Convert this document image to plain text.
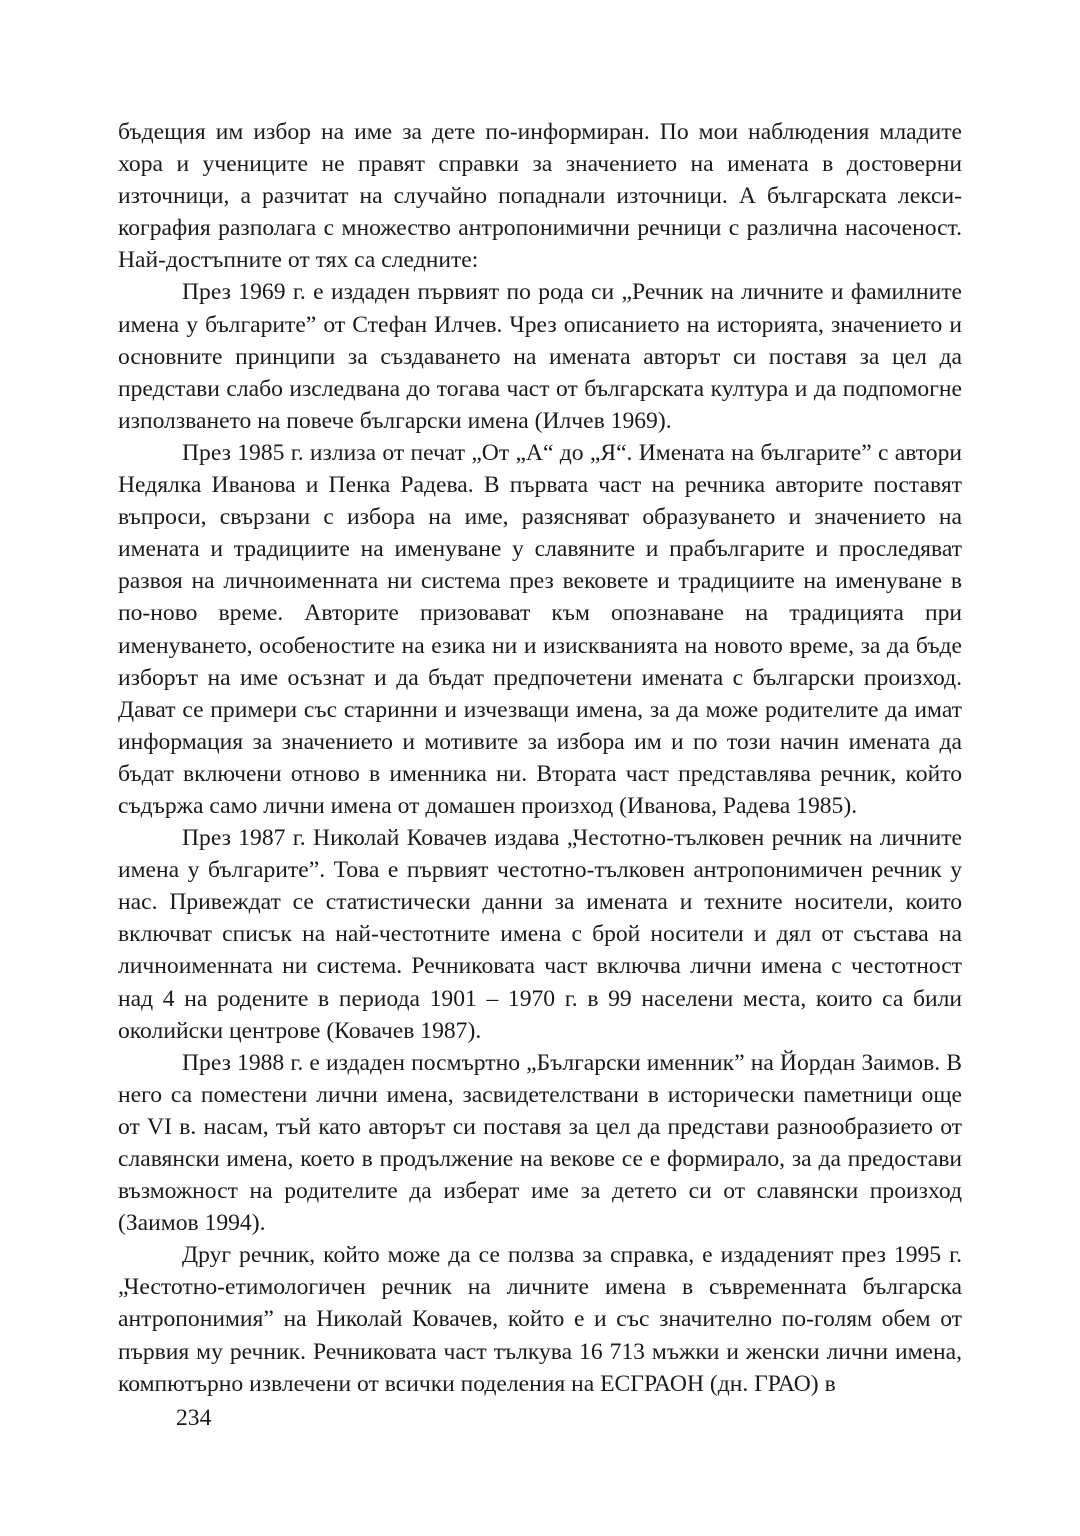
бъдещия им избор на име за дете по-информиран. По мои наблюдения младите хора и учениците не правят справки за значението на имената в достоверни източници, а разчитат на случайно попаднали източници. А българската лексикография разполага с множество антропонимични речници с различна насоченост. Най-достъпните от тях са следните:

През 1969 г. е издаден първият по рода си „Речник на личните и фамилните имена у българите” от Стефан Илчев. Чрез описанието на историята, значението и основните принципи за създаването на имената авторът си поставя за цел да представи слабо изследвана до тогава част от българската култура и да подпомогне използването на повече български имена (Илчев 1969).

През 1985 г. излиза от печат „От „А“ до „Я“. Имената на българите” с автори Недялка Иванова и Пенка Радева. В първата част на речника авторите поставят въпроси, свързани с избора на име, разясняват образуването и значението на имената и традициите на именуване у славяните и прабългарите и проследяват развоя на личноименната ни система през вековете и традициите на именуване в по-ново време. Авторите призовават към опознаване на традицията при именуването, особеностите на езика ни и изискванията на новото време, за да бъде изборът на име осъзнат и да бъдат предпочетени имената с български произход. Дават се примери със старинни и изчезващи имена, за да може родителите да имат информация за значението и мотивите за избора им и по този начин имената да бъдат включени отново в именника ни. Втората част представлява речник, който съдържа само лични имена от домашен произход (Иванова, Радева 1985).

През 1987 г. Николай Ковачев издава „Честотно-тълковен речник на личните имена у българите”. Това е първият честотно-тълковен антропонимичен речник у нас. Привеждат се статистически данни за имената и техните носители, които включват списък на най-честотните имена с брой носители и дял от състава на личноименната ни система. Речниковата част включва лични имена с честотност над 4 на родените в периода 1901 – 1970 г. в 99 населени места, които са били околийски центрове (Ковачев 1987).

През 1988 г. е издаден посмъртно „Български именник” на Йордан Заимов. В него са поместени лични имена, засвидетелствани в исторически паметници още от VI в. насам, тъй като авторът си поставя за цел да представи разнообразието от славянски имена, което в продължение на векове се е формирало, за да предостави възможност на родителите да изберат име за детето си от славянски произход (Заимов 1994).

Друг речник, който може да се ползва за справка, е издаденият през 1995 г. „Честотно-етимологичен речник на личните имена в съвременната българска антропонимия” на Николай Ковачев, който е и със значително по-голям обем от първия му речник. Речниковата част тълкува 16 713 мъжки и женски лични имена, компютърно извлечени от всички поделения на ЕСГРАОН (дн. ГРАО) в

234
